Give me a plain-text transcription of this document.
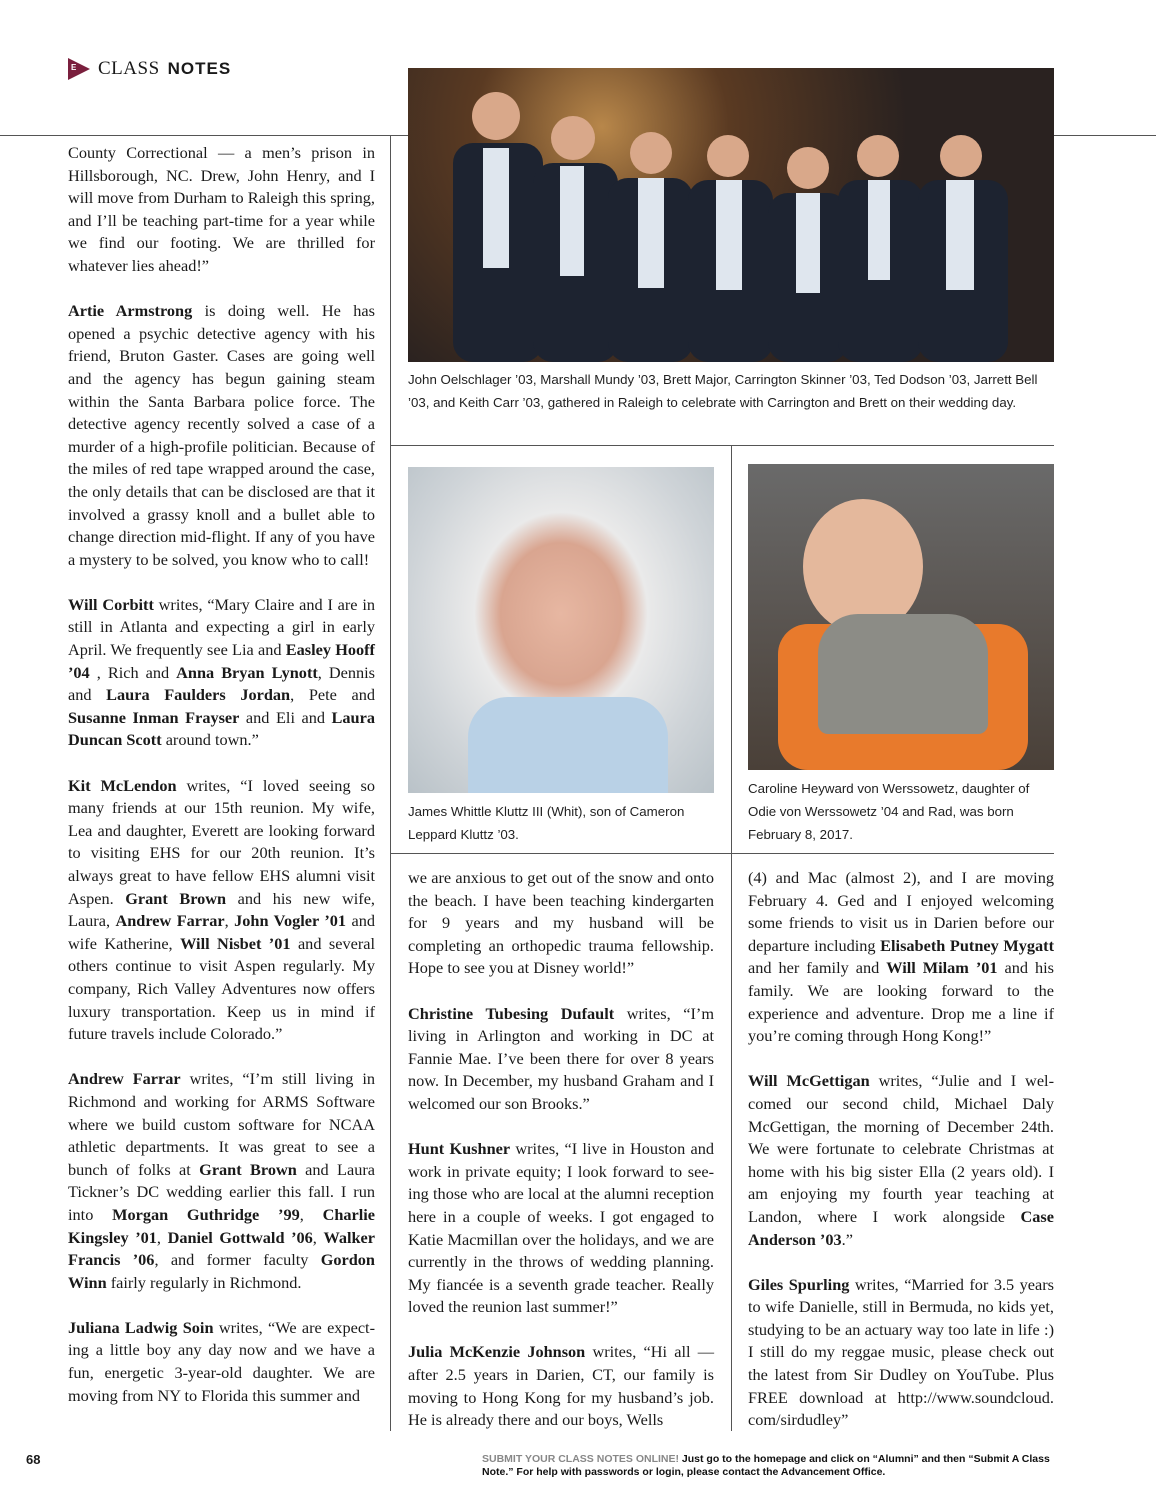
E CLASS NOTES
John Oelschlager ’03, Marshall Mundy ’03, Brett Major, Carrington Skinner ’03, Ted Dodson ’03, Jarrett Bell ’03, and Keith Carr ’03, gathered in Raleigh to celebrate with Carrington and Brett on their wedding day.
James Whittle Kluttz III (Whit), son of Cameron Leppard Kluttz ’03.
Caroline Heyward von Werssowetz, daughter of Odie von Werssowetz ’04 and Rad, was born February 8, 2017.

County Correctional — a men’s prison in Hillsborough, NC. Drew, John Henry, and I will move from Durham to Raleigh this spring, and I’ll be teaching part-time for a year while we find our footing. We are thrilled for whatever lies ahead!”

Artie Armstrong is doing well. He has opened a psychic detective agency with his friend, Bruton Gaster. Cases are going well and the agency has begun gaining steam within the Santa Barbara police force. The detective agency recently solved a case of a murder of a high-profile politician. Because of the miles of red tape wrapped around the case, the only details that can be disclosed are that it involved a grassy knoll and a bullet able to change direction mid-flight. If any of you have a mystery to be solved, you know who to call!

Will Corbitt writes, “Mary Claire and I are in still in Atlanta and expecting a girl in early April. We frequently see Lia and Easley Hooff ’04 , Rich and Anna Bryan Lynott, Dennis and Laura Faulders Jordan, Pete and Susanne Inman Frayser and Eli and Laura Duncan Scott around town.”

Kit McLendon writes, “I loved seeing so many friends at our 15th reunion. My wife, Lea and daughter, Everett are looking forward to visiting EHS for our 20th reunion. It’s always great to have fellow EHS alumni visit Aspen. Grant Brown and his new wife, Laura, Andrew Farrar, John Vogler ’01 and wife Katherine, Will Nisbet ’01 and several others continue to visit Aspen regularly. My company, Rich Valley Adventures now offers luxury transportation. Keep us in mind if future travels include Colorado.”

Andrew Farrar writes, “I’m still living in Richmond and working for ARMS Software where we build custom software for NCAA athletic departments. It was great to see a bunch of folks at Grant Brown and Laura Tickner’s DC wedding earlier this fall. I run into Morgan Guthridge ’99, Charlie Kingsley ’01, Daniel Gottwald ’06, Walker Francis ’06, and former faculty Gordon Winn fairly regularly in Richmond.

Juliana Ladwig Soin writes, “We are expecting a little boy any day now and we have a fun, energetic 3-year-old daughter. We are moving from NY to Florida this summer and

we are anxious to get out of the snow and onto the beach. I have been teaching kindergarten for 9 years and my husband will be completing an orthopedic trauma fellowship. Hope to see you at Disney world!”

Christine Tubesing Dufault writes, “I’m living in Arlington and working in DC at Fannie Mae. I’ve been there for over 8 years now. In December, my husband Graham and I welcomed our son Brooks.”

Hunt Kushner writes, “I live in Houston and work in private equity; I look forward to seeing those who are local at the alumni reception here in a couple of weeks. I got engaged to Katie Macmillan over the holidays, and we are currently in the throws of wedding planning. My fiancée is a seventh grade teacher. Really loved the reunion last summer!”

Julia McKenzie Johnson writes, “Hi all — after 2.5 years in Darien, CT, our family is moving to Hong Kong for my husband’s job. He is already there and our boys, Wells

(4) and Mac (almost 2), and I are moving February 4. Ged and I enjoyed welcoming some friends to visit us in Darien before our departure including Elisabeth Putney Mygatt and her family and Will Milam ’01 and his family. We are looking forward to the experience and adventure. Drop me a line if you’re coming through Hong Kong!”

Will McGettigan writes, “Julie and I welcomed our second child, Michael Daly McGettigan, the morning of December 24th. We were fortunate to celebrate Christmas at home with his big sister Ella (2 years old). I am enjoying my fourth year teaching at Landon, where I work alongside Case Anderson ’03.”

Giles Spurling writes, “Married for 3.5 years to wife Danielle, still in Bermuda, no kids yet, studying to be an actuary way too late in life :) I still do my reggae music, please check out the latest from Sir Dudley on YouTube. Plus FREE download at http://www.soundcloud. com/sirdudley”

68	SUBMIT YOUR CLASS NOTES ONLINE! Just go to the homepage and click on “Alumni” and then “Submit A Class Note.” For help with passwords or login, please contact the Advancement Office.
